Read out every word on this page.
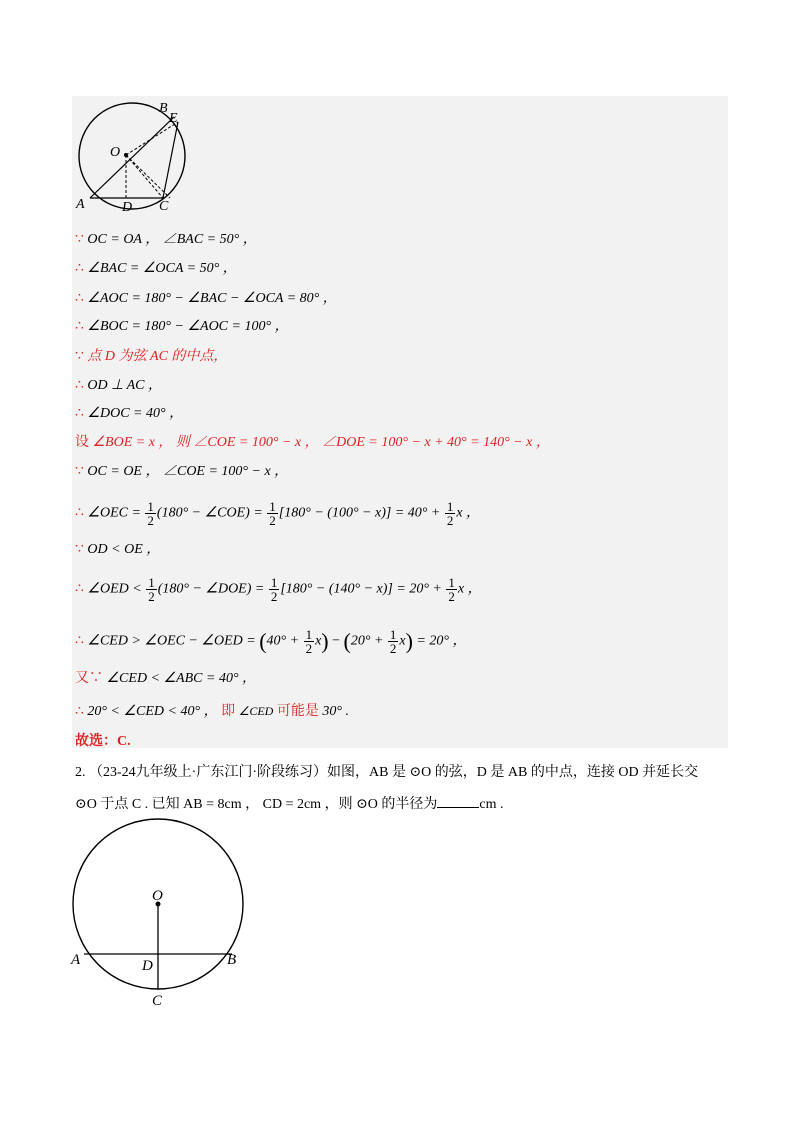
B
E
O
A	D C
∵ OC = OA ， ∠BAC = 50° ，
∴ ∠BAC = ∠OCA = 50° ，
∴ ∠AOC = 180° − ∠BAC − ∠OCA = 80° ，
∴ ∠BOC = 180° − ∠AOC = 100° ，
∵ 点 D 为弦 AC 的中点，
∴ OD ⊥ AC ，
∴ ∠DOC = 40° ，
设 ∠BOE = x ， 则 ∠COE = 100° − x ， ∠DOE = 100° − x + 40° = 140° − x ，
∵ OC = OE ， ∠COE = 100° − x ，
∴ ∠OEC = $\frac{1}{2} (180^\circ$ − ∠COE) = $\frac{1}{2} [180^\circ - (100^\circ - x)] = 40^\circ + \frac{1}{2}$ x ，
∵ OD < OE ，
∴ ∠OED < $\frac{1}{2} (180^\circ$ − ∠DOE) = $\frac{1}{2} [180^\circ - (140^\circ - x)] = 20^\circ + \frac{1}{2}$ x ，
∴ ∠CED > ∠OEC − ∠OED = $(40^\circ + \frac{1}{2} x) - (20^\circ + \frac{1}{2} x) = 20^\circ$ ，
又∵ ∠CED < ∠ABC = 40° ，
∴ 20° < ∠CED < 40° ， 即 ∠CED 可能是 30° .
故选：C.
2. （23-24九年级上·广东江门·阶段练习）如图，AB 是 ⊙O 的弦，D 是 AB 的中点，连接 OD 并延长交
⊙O 于点 C . 已知 AB = 8cm ， CD = 2cm ，则 ⊙O 的半径为	cm .
O
A	B
D
C
